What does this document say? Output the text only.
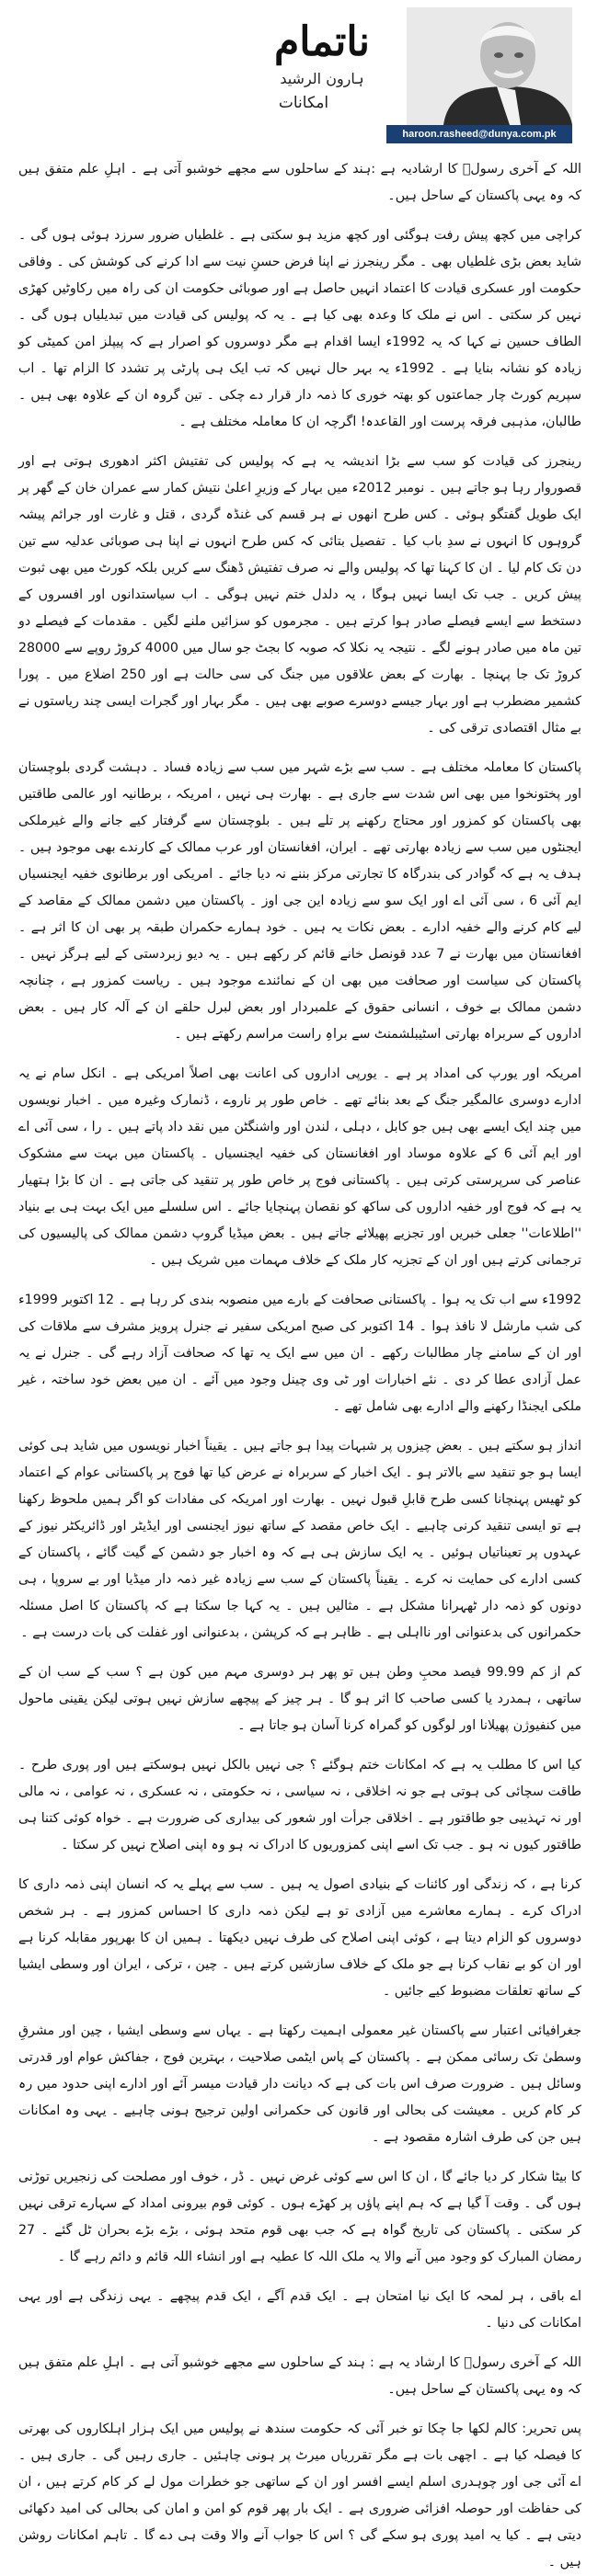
ناتمام
ہارون الرشید
haroon.rasheed@dunya.com.pk
امکانات

اللہ کے آخری رسولؐ کا ارشادیہ ہے :ہند کے ساحلوں سے مجھے خوشبو آتی ہے ۔ اہلِ علم متفق ہیں کہ وہ یہی پاکستان کے ساحل ہیں۔

کراچی میں کچھ پیش رفت ہوگئی اور کچھ مزید ہو سکتی ہے ۔ غلطیاں ضرور سرزد ہوئی ہوں گی ۔ شاید بعض بڑی غلطیاں بھی ۔ مگر رینجرز نے اپنا فرض حسنِ نیت سے ادا کرنے کی کوشش کی ۔ وفاقی حکومت اور عسکری قیادت کا اعتماد انہیں حاصل ہے اور صوبائی حکومت ان کی راہ میں رکاوٹیں کھڑی نہیں کر سکتی ۔ اس نے ملک کا وعدہ بھی کیا ہے ۔ یہ کہ پولیس کی قیادت میں تبدیلیاں ہوں گی ۔ الطاف حسین نے کہا کہ یہ 1992ء ایسا اقدام ہے مگر دوسروں کو اصرار ہے کہ پیپلز امن کمیٹی کو زیادہ کو نشانہ بنایا ہے ۔ 1992ء یہ بہر حال نہیں کہ تب ایک ہی پارٹی پر تشدد کا الزام تھا ۔ اب سپریم کورٹ چار جماعتوں کو بھتہ خوری کا ذمہ دار قرار دے چکی ۔ تین گروہ ان کے علاوہ بھی ہیں ۔ طالبان، مذہبی فرقہ پرست اور القاعدہ! اگرچہ ان کا معاملہ مختلف ہے ۔

رینجرز کی قیادت کو سب سے بڑا اندیشہ یہ ہے کہ پولیس کی تفتیش اکثر ادھوری ہوتی ہے اور قصوروار رہا ہو جاتے ہیں ۔ نومبر 2012ء میں بہار کے وزیرِ اعلیٰ نتیش کمار سے عمران خان کے گھر پر ایک طویل گفتگو ہوئی ۔ کس طرح انھوں نے ہر قسم کی غنڈہ گردی ، قتل و غارت اور جرائم پیشہ گروہوں کا انہوں نے سدِ باب کیا ۔ تفصیل بتائی کہ کس طرح انہوں نے اپنا ہی صوبائی عدلیہ سے تین دن تک کام لیا ۔ ان کا کہنا تھا کہ پولیس والے نہ صرف تفتیش ڈھنگ سے کریں بلکہ کورٹ میں بھی ثبوت پیش کریں ۔ جب تک ایسا نہیں ہوگا ، یہ دلدل ختم نہیں ہوگی ۔ اب سیاستدانوں اور افسروں کے دستخط سے ایسے فیصلے صادر ہوا کرتے ہیں ۔ مجرموں کو سزائیں ملنے لگیں ۔ مقدمات کے فیصلے دو تین ماہ میں صادر ہونے لگے ۔ نتیجہ یہ نکلا کہ صوبہ کا بجٹ جو سال میں 4000 کروڑ روپے سے 28000 کروڑ تک جا پہنچا ۔ بھارت کے بعض علاقوں میں جنگ کی سی حالت ہے اور 250 اضلاع میں ۔ پورا کشمیر مضطرب ہے اور بہار جیسے دوسرے صوبے بھی ہیں ۔ مگر بہار اور گجرات ایسی چند ریاستوں نے بے مثال اقتصادی ترقی کی ۔

پاکستان کا معاملہ مختلف ہے ۔ سب سے بڑے شہر میں سب سے زیادہ فساد ۔ دہشت گردی بلوچستان اور پختونخوا میں بھی اس شدت سے جاری ہے ۔ بھارت ہی نہیں ، امریکہ ، برطانیہ اور عالمی طاقتیں بھی پاکستان کو کمزور اور محتاج رکھنے پر تلے ہیں ۔ بلوچستان سے گرفتار کیے جانے والے غیرملکی ایجنٹوں میں سب سے زیادہ بھارتی تھے ۔ ایران، افغانستان اور عرب ممالک کے کارندے بھی موجود ہیں ۔ ہدف یہ ہے کہ گوادر کی بندرگاہ کا تجارتی مرکز بننے نہ دیا جائے ۔ امریکی اور برطانوی خفیہ ایجنسیاں ایم آئی 6 ، سی آئی اے اور ایک سو سے زیادہ این جی اوز ۔ پاکستان میں دشمن ممالک کے مقاصد کے لیے کام کرنے والے خفیہ ادارے ۔ بعض نکات یہ ہیں ۔ خود ہمارے حکمران طبقہ پر بھی ان کا اثر ہے ۔ افغانستان میں بھارت نے 7 عدد قونصل خانے قائم کر رکھے ہیں ۔ یہ دیو زبردستی کے لیے ہرگز نہیں ۔ پاکستان کی سیاست اور صحافت میں بھی ان کے نمائندے موجود ہیں ۔ ریاست کمزور ہے ، چنانچہ دشمن ممالک بے خوف ، انسانی حقوق کے علمبردار اور بعض لبرل حلقے ان کے آلہ کار ہیں ۔ بعض اداروں کے سربراہ بھارتی اسٹیبلشمنٹ سے براہِ راست مراسم رکھتے ہیں ۔

امریکہ اور یورپ کی امداد پر ہے ۔ یورپی اداروں کی اعانت بھی اصلاً امریکی ہے ۔ انکل سام نے یہ ادارے دوسری عالمگیر جنگ کے بعد بنائے تھے ۔ خاص طور پر ناروے ، ڈنمارک وغیرہ میں ۔ اخبار نویسوں میں چند ایک ایسے بھی ہیں جو کابل ، دہلی ، لندن اور واشنگٹن میں نقد داد پاتے ہیں ۔ را ، سی آئی اے اور ایم آئی 6 کے علاوہ موساد اور افغانستان کی خفیہ ایجنسیاں ۔ پاکستان میں بہت سے مشکوک عناصر کی سرپرستی کرتی ہیں ۔ پاکستانی فوج پر خاص طور پر تنقید کی جاتی ہے ۔ ان کا بڑا ہتھیار یہ ہے کہ فوج اور خفیہ اداروں کی ساکھ کو نقصان پہنچایا جائے ۔ اس سلسلے میں ایک بہت ہی بے بنیاد ''اطلاعات'' جعلی خبریں اور تجزیے پھیلائے جاتے ہیں ۔ بعض میڈیا گروپ دشمن ممالک کی پالیسیوں کی ترجمانی کرتے ہیں اور ان کے تجزیہ کار ملک کے خلاف مہمات میں شریک ہیں ۔

1992ء سے اب تک یہ ہوا ۔ پاکستانی صحافت کے بارے میں منصوبہ بندی کر رہا ہے ۔ 12 اکتوبر 1999ء کی شب مارشل لا نافذ ہوا ۔ 14 اکتوبر کی صبح امریکی سفیر نے جنرل پرویز مشرف سے ملاقات کی اور ان کے سامنے چار مطالبات رکھے ۔ ان میں سے ایک یہ تھا کہ صحافت آزاد رہے گی ۔ جنرل نے یہ عمل آزادی عطا کر دی ۔ نئے اخبارات اور ٹی وی چینل وجود میں آئے ۔ ان میں بعض خود ساختہ ، غیر ملکی ایجنڈا رکھنے والے ادارے بھی شامل تھے ۔

انداز ہو سکتے ہیں ۔ بعض چیزوں پر شبہات پیدا ہو جاتے ہیں ۔ یقیناً اخبار نویسوں میں شاید ہی کوئی ایسا ہو جو تنقید سے بالاتر ہو ۔ ایک اخبار کے سربراہ نے عرض کیا تھا فوج پر پاکستانی عوام کے اعتماد کو ٹھیس پہنچانا کسی طرح قابلِ قبول نہیں ۔ بھارت اور امریکہ کی مفادات کو اگر ہمیں ملحوظ رکھنا ہے تو ایسی تنقید کرنی چاہیے ۔ ایک خاص مقصد کے ساتھ نیوز ایجنسی اور ایڈیٹر اور ڈائریکٹر نیوز کے عہدوں پر تعیناتیاں ہوئیں ۔ یہ ایک سازش ہی ہے کہ وہ اخبار جو دشمن کے گیت گائے ، پاکستان کے کسی ادارے کی حمایت نہ کرے ۔ یقیناً پاکستان کے سب سے زیادہ غیر ذمہ دار میڈیا اور بے سروپا ، ہی دونوں کو ذمہ دار ٹھہرانا مشکل ہے ۔ مثالیں ہیں ۔ یہ کہا جا سکتا ہے کہ پاکستان کا اصل مسئلہ حکمرانوں کی بدعنوانی اور نااہلی ہے ۔ ظاہر ہے کہ کرپشن ، بدعنوانی اور غفلت کی بات درست ہے ۔

کم از کم 99.99 فیصد محبِ وطن ہیں تو پھر ہر دوسری مہم میں کون ہے ؟ سب کے سب ان کے ساتھی ، ہمدرد یا کسی صاحب کا اثر ہو گا ۔ ہر چیز کے پیچھے سازش نہیں ہوتی لیکن یقینی ماحول میں کنفیوژن پھیلانا اور لوگوں کو گمراہ کرنا آسان ہو جاتا ہے ۔

کیا اس کا مطلب یہ ہے کہ امکانات ختم ہوگئے ؟ جی نہیں بالکل نہیں ہوسکتے ہیں اور پوری طرح ۔ طاقت سچائی کی ہوتی ہے جو نہ اخلاقی ، نہ سیاسی ، نہ حکومتی ، نہ عسکری ، نہ عوامی ، نہ مالی اور نہ تہذیبی جو طاقتور ہے ۔ اخلاقی جرأت اور شعور کی بیداری کی ضرورت ہے ۔ خواہ کوئی کتنا ہی طاقتور کیوں نہ ہو ۔ جب تک اسے اپنی کمزوریوں کا ادراک نہ ہو وہ اپنی اصلاح نہیں کر سکتا ۔

کرنا ہے ، کہ زندگی اور کائنات کے بنیادی اصول یہ ہیں ۔ سب سے پہلے یہ کہ انسان اپنی ذمہ داری کا ادراک کرے ۔ ہمارے معاشرے میں آزادی تو ہے لیکن ذمہ داری کا احساس کمزور ہے ۔ ہر شخص دوسروں کو الزام دیتا ہے ، کوئی اپنی اصلاح کی طرف نہیں دیکھتا ۔ ہمیں ان کا بھرپور مقابلہ کرنا ہے اور ان کو بے نقاب کرنا ہے جو ملک کے خلاف سازشیں کرتے ہیں ۔ چین ، ترکی ، ایران اور وسطی ایشیا کے ساتھ تعلقات مضبوط کیے جائیں ۔

جغرافیائی اعتبار سے پاکستان غیر معمولی اہمیت رکھتا ہے ۔ یہاں سے وسطی ایشیا ، چین اور مشرقِ وسطیٰ تک رسائی ممکن ہے ۔ پاکستان کے پاس ایٹمی صلاحیت ، بہترین فوج ، جفاکش عوام اور قدرتی وسائل ہیں ۔ ضرورت صرف اس بات کی ہے کہ دیانت دار قیادت میسر آئے اور ادارے اپنی حدود میں رہ کر کام کریں ۔ معیشت کی بحالی اور قانون کی حکمرانی اولین ترجیح ہونی چاہیے ۔ یہی وہ امکانات ہیں جن کی طرف اشارہ مقصود ہے ۔

کا بیٹا شکار کر دیا جائے گا ، ان کا اس سے کوئی غرض نہیں ۔ ڈر ، خوف اور مصلحت کی زنجیریں توڑنی ہوں گی ۔ وقت آ گیا ہے کہ ہم اپنے پاؤں پر کھڑے ہوں ۔ کوئی قوم بیرونی امداد کے سہارے ترقی نہیں کر سکتی ۔ پاکستان کی تاریخ گواہ ہے کہ جب بھی قوم متحد ہوئی ، بڑے بڑے بحران ٹل گئے ۔ 27 رمضان المبارک کو وجود میں آنے والا یہ ملک اللہ کا عطیہ ہے اور انشاء اللہ قائم و دائم رہے گا ۔

اے باقی ، ہر لمحہ کا ایک نیا امتحان ہے ۔ ایک قدم آگے ، ایک قدم پیچھے ۔ یہی زندگی ہے اور یہی امکانات کی دنیا ۔

اللہ کے آخری رسولؐ کا ارشاد یہ ہے : ہند کے ساحلوں سے مجھے خوشبو آتی ہے ۔ اہلِ علم متفق ہیں کہ وہ یہی پاکستان کے ساحل ہیں۔

پس تحریر: کالم لکھا جا چکا تو خبر آئی کہ حکومت سندھ نے پولیس میں ایک ہزار اہلکاروں کی بھرتی کا فیصلہ کیا ہے ۔ اچھی بات ہے مگر تقرریاں میرٹ پر ہونی چاہئیں ۔ جاری رہیں گی ۔ جاری ہیں ۔ اے آئی جی اور چوہدری اسلم ایسے افسر اور ان کے ساتھی جو خطرات مول لے کر کام کرتے ہیں ، ان کی حفاظت اور حوصلہ افزائی ضروری ہے ۔ ایک بار پھر قوم کو امن و امان کی بحالی کی امید دکھائی دیتی ہے ۔ کیا یہ امید پوری ہو سکے گی ؟ اس کا جواب آنے والا وقت ہی دے گا ۔ تاہم امکانات روشن ہیں ۔
